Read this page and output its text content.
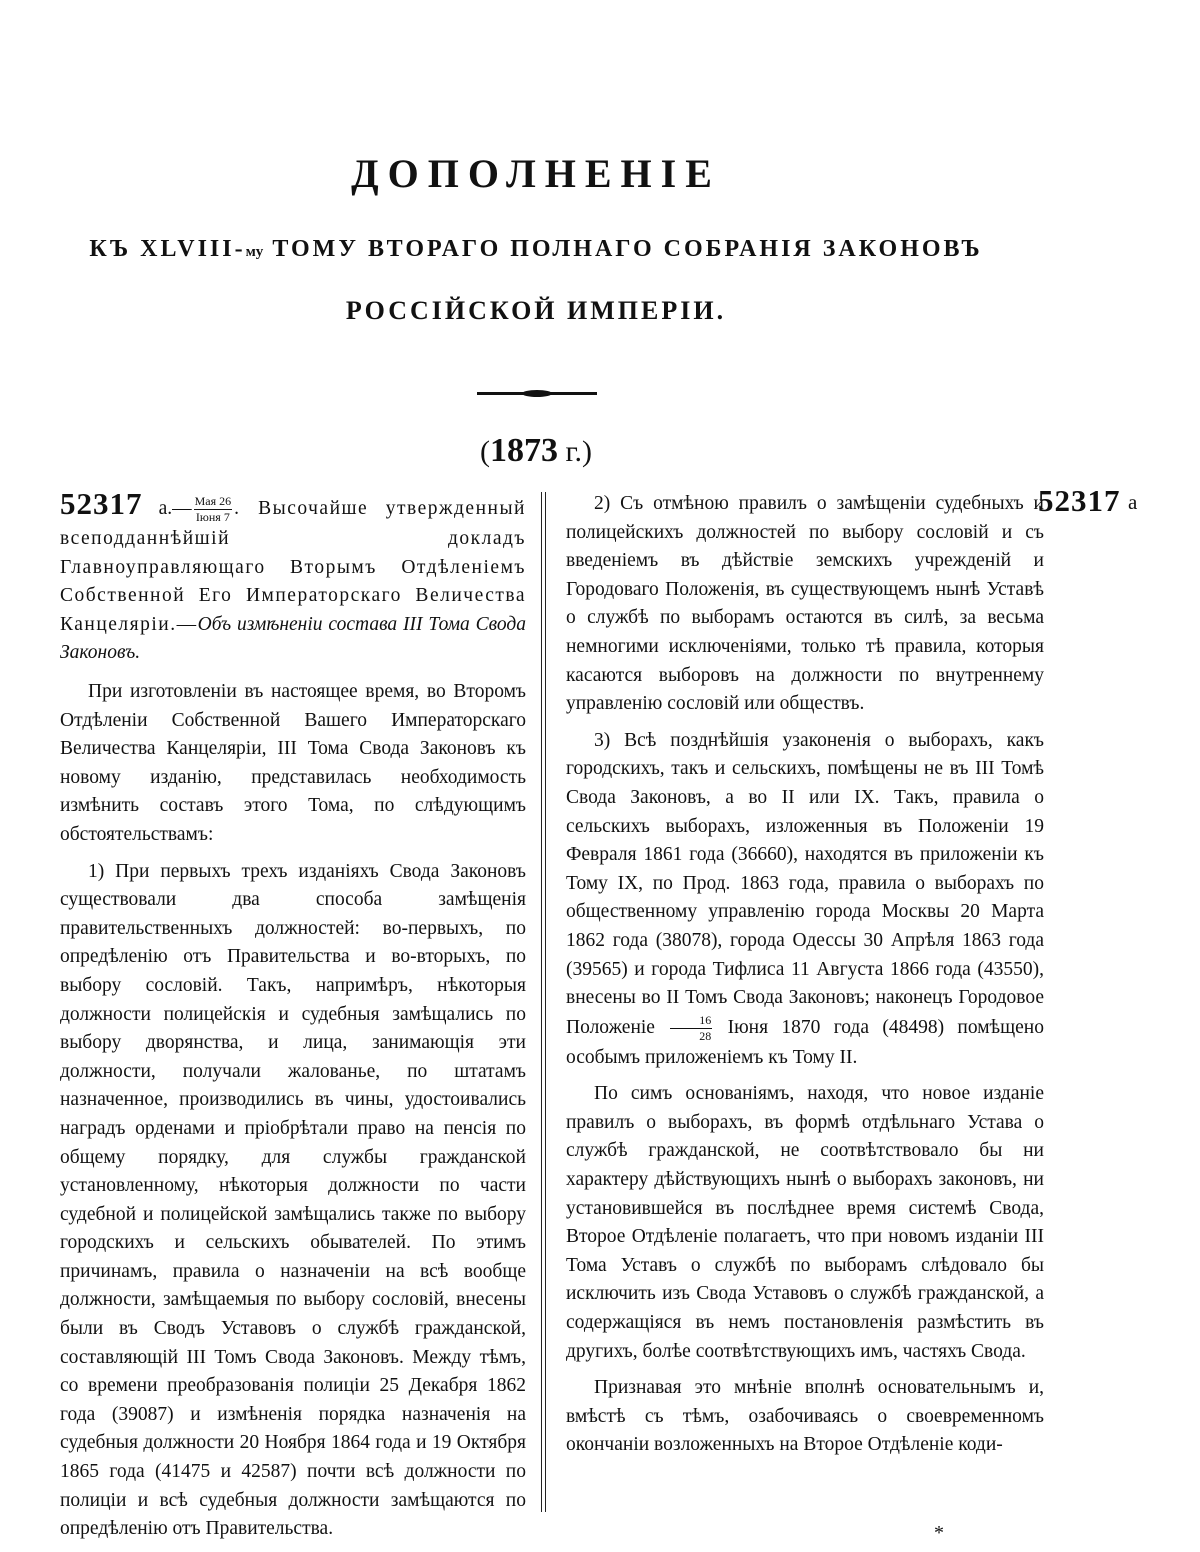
ДОПОЛНЕНІЕ
КЪ XLVIII-му ТОМУ ВТОРАГО ПОЛНАГО СОБРАНІЯ ЗАКОНОВЪ
РОССІЙСКОЙ ИМПЕРІИ.
(1873 г.)
52317 а

52317 а.— $\frac{\text{Мая 26}}{\text{Іюня 7}}$ . Высочайше утвержденный всеподданнѣйшій докладъ Главноуправляющаго Вторымъ Отдѣленіемъ Собственной Его Императорскаго Величества Канцеляріи.—Объ измѣненіи состава III Тома Свода Законовъ.

При изготовленіи въ настоящее время, во Второмъ Отдѣленіи Собственной Вашего Императорскаго Величества Канцеляріи, III Тома Свода Законовъ къ новому изданію, представилась необходимость измѣнить составъ этого Тома, по слѣдующимъ обстоятельствамъ:

1) При первыхъ трехъ изданіяхъ Свода Законовъ существовали два способа замѣщенія правительственныхъ должностей: во-первыхъ, по опредѣленію отъ Правительства и во-вторыхъ, по выбору сословій. Такъ, напримѣръ, нѣкоторыя должности полицейскія и судебныя замѣщались по выбору дворянства, и лица, занимающія эти должности, получали жалованье, по штатамъ назначенное, производились въ чины, удостоивались наградъ орденами и пріобрѣтали право на пенсія по общему порядку, для службы гражданской установленному, нѣкоторыя должности по части судебной и полицейской замѣщались также по выбору городскихъ и сельскихъ обывателей. По этимъ причинамъ, правила о назначеніи на всѣ вообще должности, замѣщаемыя по выбору сословій, внесены были въ Сводъ Уставовъ о службѣ гражданской, составляющій III Томъ Свода Законовъ. Между тѣмъ, со времени преобразованія полиціи 25 Декабря 1862 года (39087) и измѣненія порядка назначенія на судебныя должности 20 Ноября 1864 года и 19 Октября 1865 года (41475 и 42587) почти всѣ должности по полиціи и всѣ судебныя должности замѣщаются по опредѣленію отъ Правительства.

2) Съ отмѣною правилъ о замѣщеніи судебныхъ и полицейскихъ должностей по выбору сословій и съ введеніемъ въ дѣйствіе земскихъ учрежденій и Городоваго Положенія, въ существующемъ нынѣ Уставѣ о службѣ по выборамъ остаются въ силѣ, за весьма немногими исключеніями, только тѣ правила, которыя касаются выборовъ на должности по внутреннему управленію сословій или обществъ.

3) Всѣ позднѣйшія узаконенія о выборахъ, какъ городскихъ, такъ и сельскихъ, помѣщены не въ III Томѣ Свода Законовъ, а во II или IX. Такъ, правила о сельскихъ выборахъ, изложенныя въ Положеніи 19 Февраля 1861 года (36660), находятся въ приложеніи къ Тому IX, по Прод. 1863 года, правила о выборахъ по общественному управленію города Москвы 20 Марта 1862 года (38078), города Одессы 30 Апрѣля 1863 года (39565) и города Тифлиса 11 Августа 1866 года (43550), внесены во II Томъ Свода Законовъ; наконецъ Городовое Положеніе $\frac{16}{28}$ Іюня 1870 года (48498) помѣщено особымъ приложеніемъ къ Тому II.

По симъ основаніямъ, находя, что новое изданіе правилъ о выборахъ, въ формѣ отдѣльнаго Устава о службѣ гражданской, не соотвѣтствовало бы ни характеру дѣйствующихъ нынѣ о выборахъ законовъ, ни установившейся въ послѣднее время системѣ Свода, Второе Отдѣленіе полагаетъ, что при новомъ изданіи III Тома Уставъ о службѣ по выборамъ слѣдовало бы исключить изъ Свода Уставовъ о службѣ гражданской, а содержащіяся въ немъ постановленія размѣстить въ другихъ, болѣе соотвѣтствующихъ имъ, частяхъ Свода.

Признавая это мнѣніе вполнѣ основательнымъ и, вмѣстѣ съ тѣмъ, озабочиваясь о своевременномъ окончаніи возложенныхъ на Второе Отдѣленіе коди-

*
